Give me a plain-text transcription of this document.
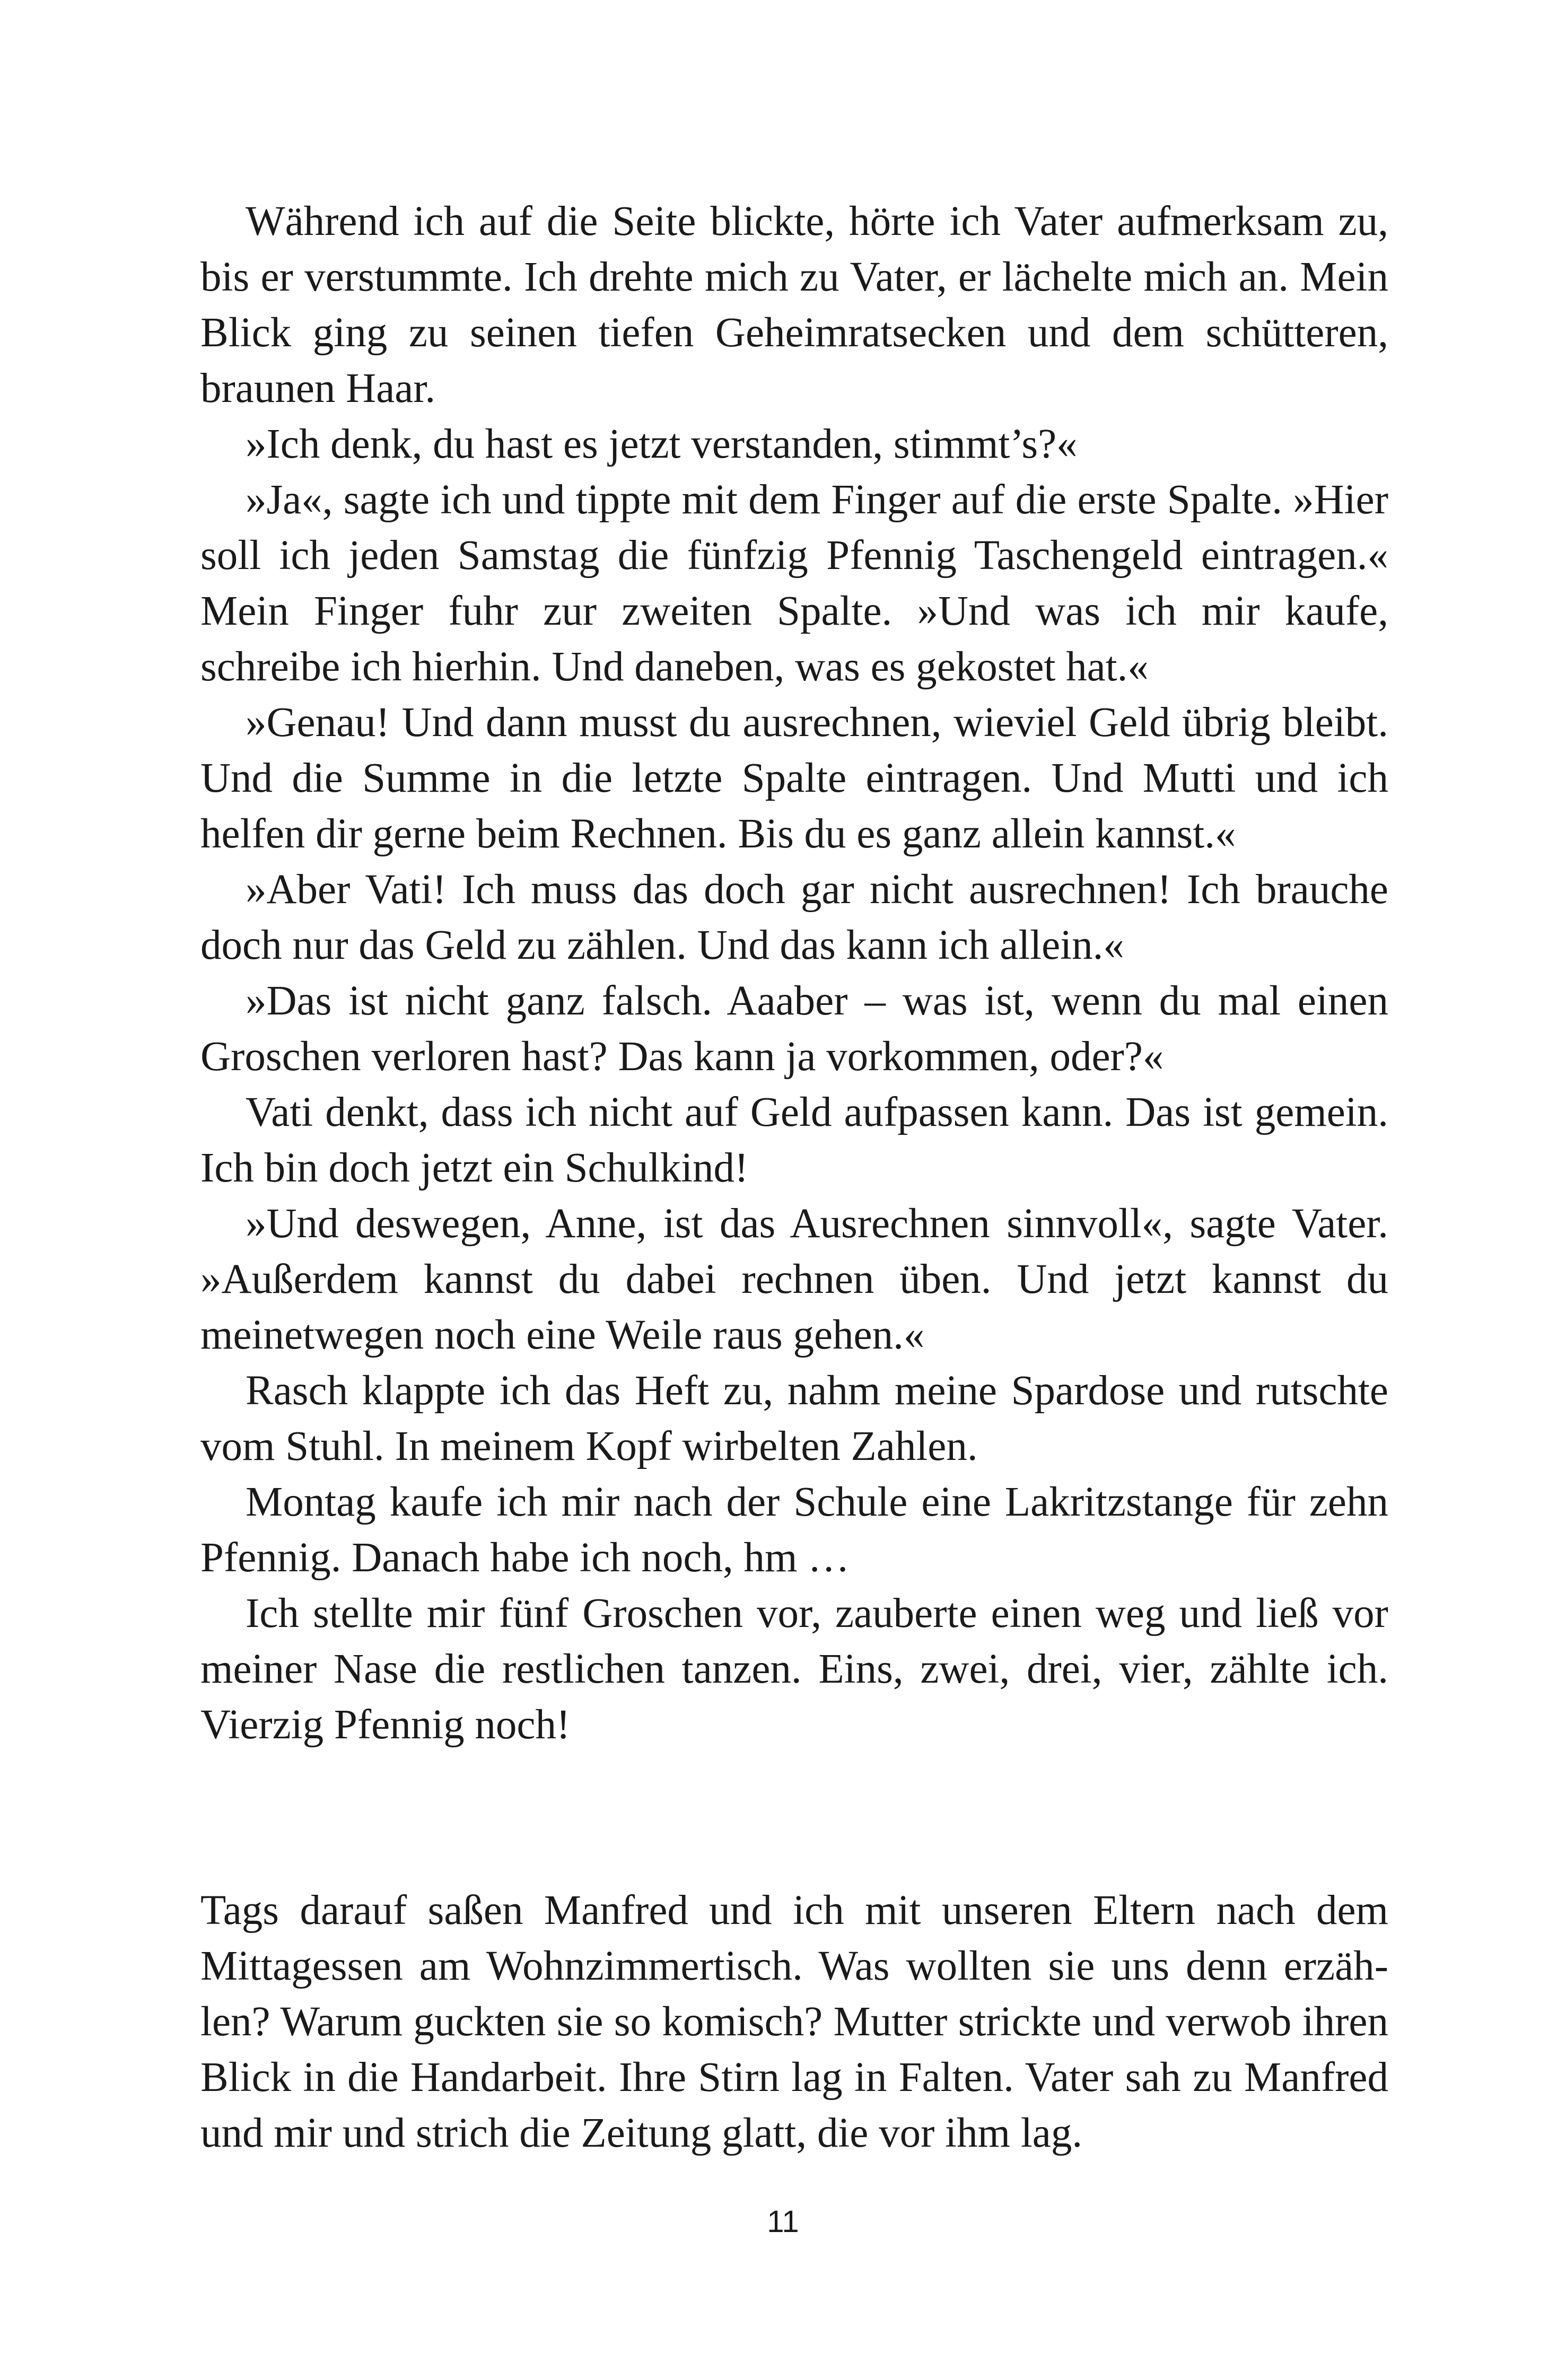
Während ich auf die Seite blickte, hörte ich Vater aufmerksam zu, bis er verstummte. Ich drehte mich zu Vater, er lächelte mich an. Mein Blick ging zu seinen tiefen Geheimratsecken und dem schütteren, braunen Haar.

»Ich denk, du hast es jetzt verstanden, stimmt’s?«

»Ja«, sagte ich und tippte mit dem Finger auf die erste Spalte. »Hier soll ich jeden Samstag die fünfzig Pfennig Taschengeld eintragen.« Mein Finger fuhr zur zweiten Spalte. »Und was ich mir kaufe, schreibe ich hierhin. Und daneben, was es gekostet hat.«

»Genau! Und dann musst du ausrechnen, wieviel Geld übrig bleibt. Und die Summe in die letzte Spalte eintragen. Und Mutti und ich helfen dir gerne beim Rechnen. Bis du es ganz allein kannst.«

»Aber Vati! Ich muss das doch gar nicht ausrechnen! Ich brauche doch nur das Geld zu zählen. Und das kann ich allein.«

»Das ist nicht ganz falsch. Aaaber – was ist, wenn du mal einen Groschen verloren hast? Das kann ja vorkommen, oder?«

Vati denkt, dass ich nicht auf Geld aufpassen kann. Das ist gemein. Ich bin doch jetzt ein Schulkind!

»Und deswegen, Anne, ist das Ausrechnen sinnvoll«, sagte Vater. »Außerdem kannst du dabei rechnen üben. Und jetzt kannst du meinetwegen noch eine Weile raus gehen.«

Rasch klappte ich das Heft zu, nahm meine Spardose und rutschte vom Stuhl. In meinem Kopf wirbelten Zahlen.

Montag kaufe ich mir nach der Schule eine Lakritzstange für zehn Pfennig. Danach habe ich noch, hm …

Ich stellte mir fünf Groschen vor, zauberte einen weg und ließ vor meiner Nase die restlichen tanzen. Eins, zwei, drei, vier, zählte ich. Vierzig Pfennig noch!

Tags darauf saßen Manfred und ich mit unseren Eltern nach dem Mittagessen am Wohnzimmertisch. Was wollten sie uns denn erzählen? Warum guckten sie so komisch? Mutter strickte und verwob ihren Blick in die Handarbeit. Ihre Stirn lag in Falten. Vater sah zu Manfred und mir und strich die Zeitung glatt, die vor ihm lag.

11
